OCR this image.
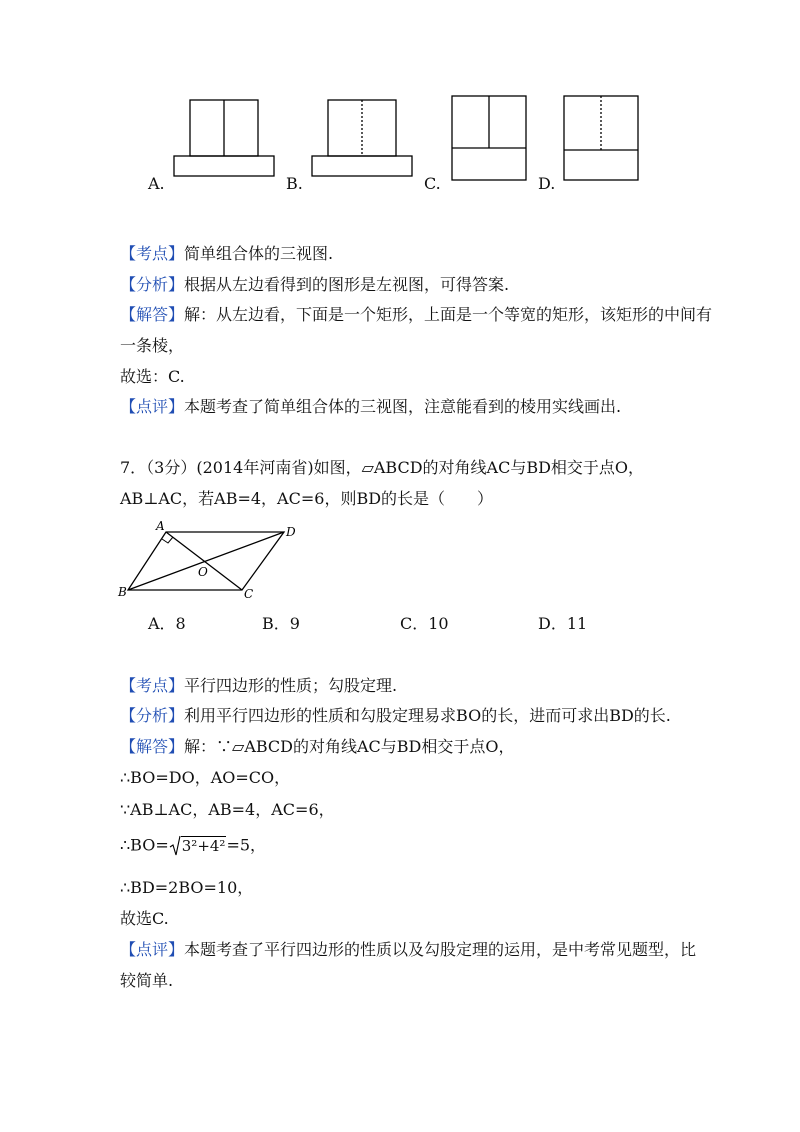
A.	B.	C.	D.
【考点】简单组合体的三视图.
【分析】根据从左边看得到的图形是左视图，可得答案.
【解答】解：从左边看，下面是一个矩形，上面是一个等宽的矩形，该矩形的中间有
一条棱，
故选：C.
【点评】本题考查了简单组合体的三视图，注意能看到的棱用实线画出.
7．（3分）(2014年河南省)如图，▱ABCD的对角线AC与BD相交于点O，
AB⊥AC，若AB=4，AC=6，则BD的长是（　　）
A	D
B	C
O
A．8	B．9	C．10	D．11
【考点】平行四边形的性质；勾股定理.
【分析】利用平行四边形的性质和勾股定理易求BO的长，进而可求出BD的长.
【解答】解：∵▱ABCD的对角线AC与BD相交于点O，
∴BO=DO，AO=CO，
∵AB⊥AC，AB=4，AC=6，
∴BO= 3²+4²=5，
∴BD=2BO=10，
故选C.
【点评】本题考查了平行四边形的性质以及勾股定理的运用，是中考常见题型，比
较简单.
